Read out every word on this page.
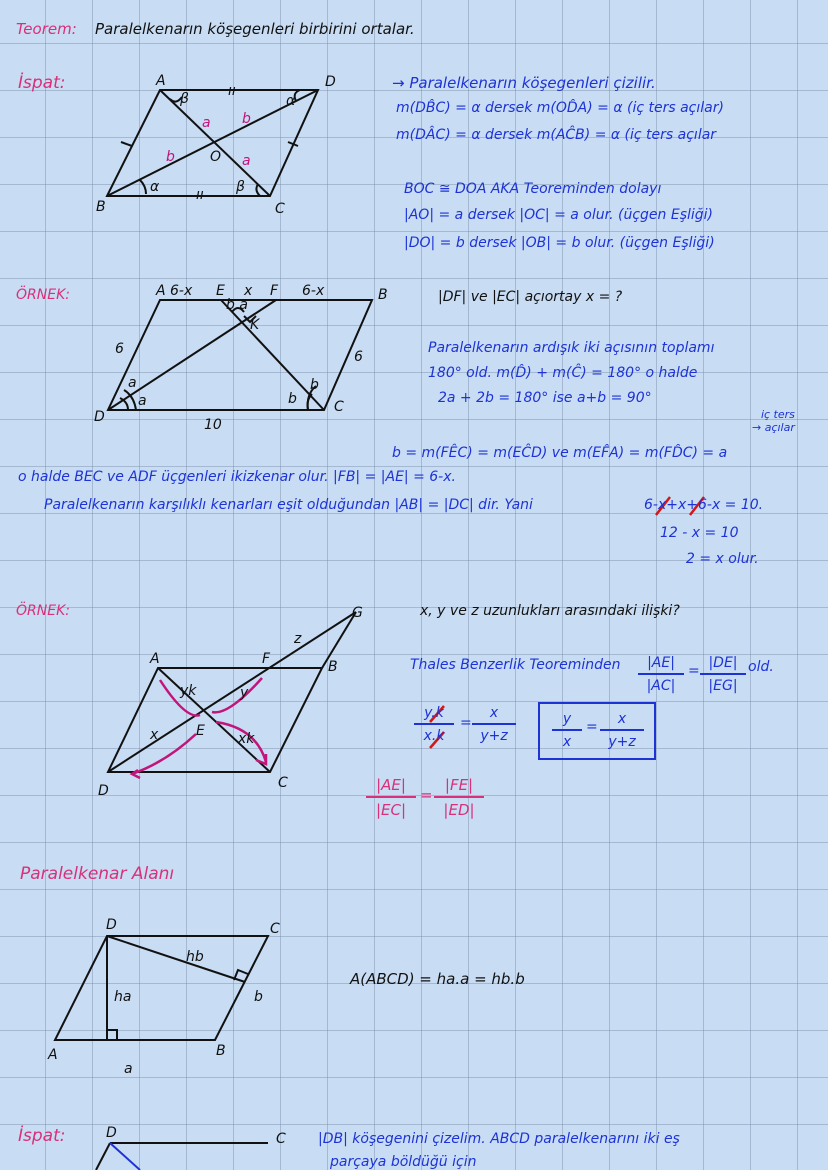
Teorem: Paralelkenarın köşegenleri birbirini ortalar.
İspat:	A	D
B	C
O
β
β
α
α
ıı
ıı
a
a
b
b
→ Paralelkenarın köşegenleri çizilir.
m(DB̂C) = α dersek m(OD̂A) = α (iç ters açılar)
m(DÂC) = α dersek m(AĈB) = α (iç ters açılar
BOC ≅ DOA AKA Teoreminden dolayı
|AO| = a dersek |OC| = a olur. (üçgen Eşliği)
|DO| = b dersek |OB| = b olur. (üçgen Eşliği)
ÖRNEK:	A 6-x E x F 6-x	B
6	6
10
D
C
K
a
a	b
b
b a	|DF| ve |EC| açıortay x = ?
Paralelkenarın ardışık iki açısının toplamı
180° old. m(D̂) + m(Ĉ) = 180° o halde
2a + 2b = 180° ise a+b = 90°
iç ters
→ açılar
b = m(FÊC) = m(EĈD) ve m(EF̂A) = m(FD̂C) = a
o halde BEC ve ADF üçgenleri ikizkenar olur. |FB| = |AE| = 6-x.
Paralelkenarın karşılıklı kenarları eşit olduğundan |AB| = |DC| dir. Yani	6-x+x+6-x = 10.
12 - x = 10
2 = x olur.
ÖRNEK:	x, y ve z uzunlukları arasındaki ilişki?
A	B
C
D
E
F
G
x
y
z
yk
xk
Thales Benzerlik Teoreminden	|AE|
|AC|
= |DE|
|EG|
old.
y.k
x.k
=
x
y+z
y
x
=	x
y+z
|AE|
|EC|
=
|FE|
|ED|
Paralelkenar Alanı
D	C
B
A
ha
hb
a
b
A(ABCD) = ha.a = hb.b
İspat:	D	C |DB| köşegenini çizelim. ABCD paralelkenarını iki eş
parçaya böldüğü için
